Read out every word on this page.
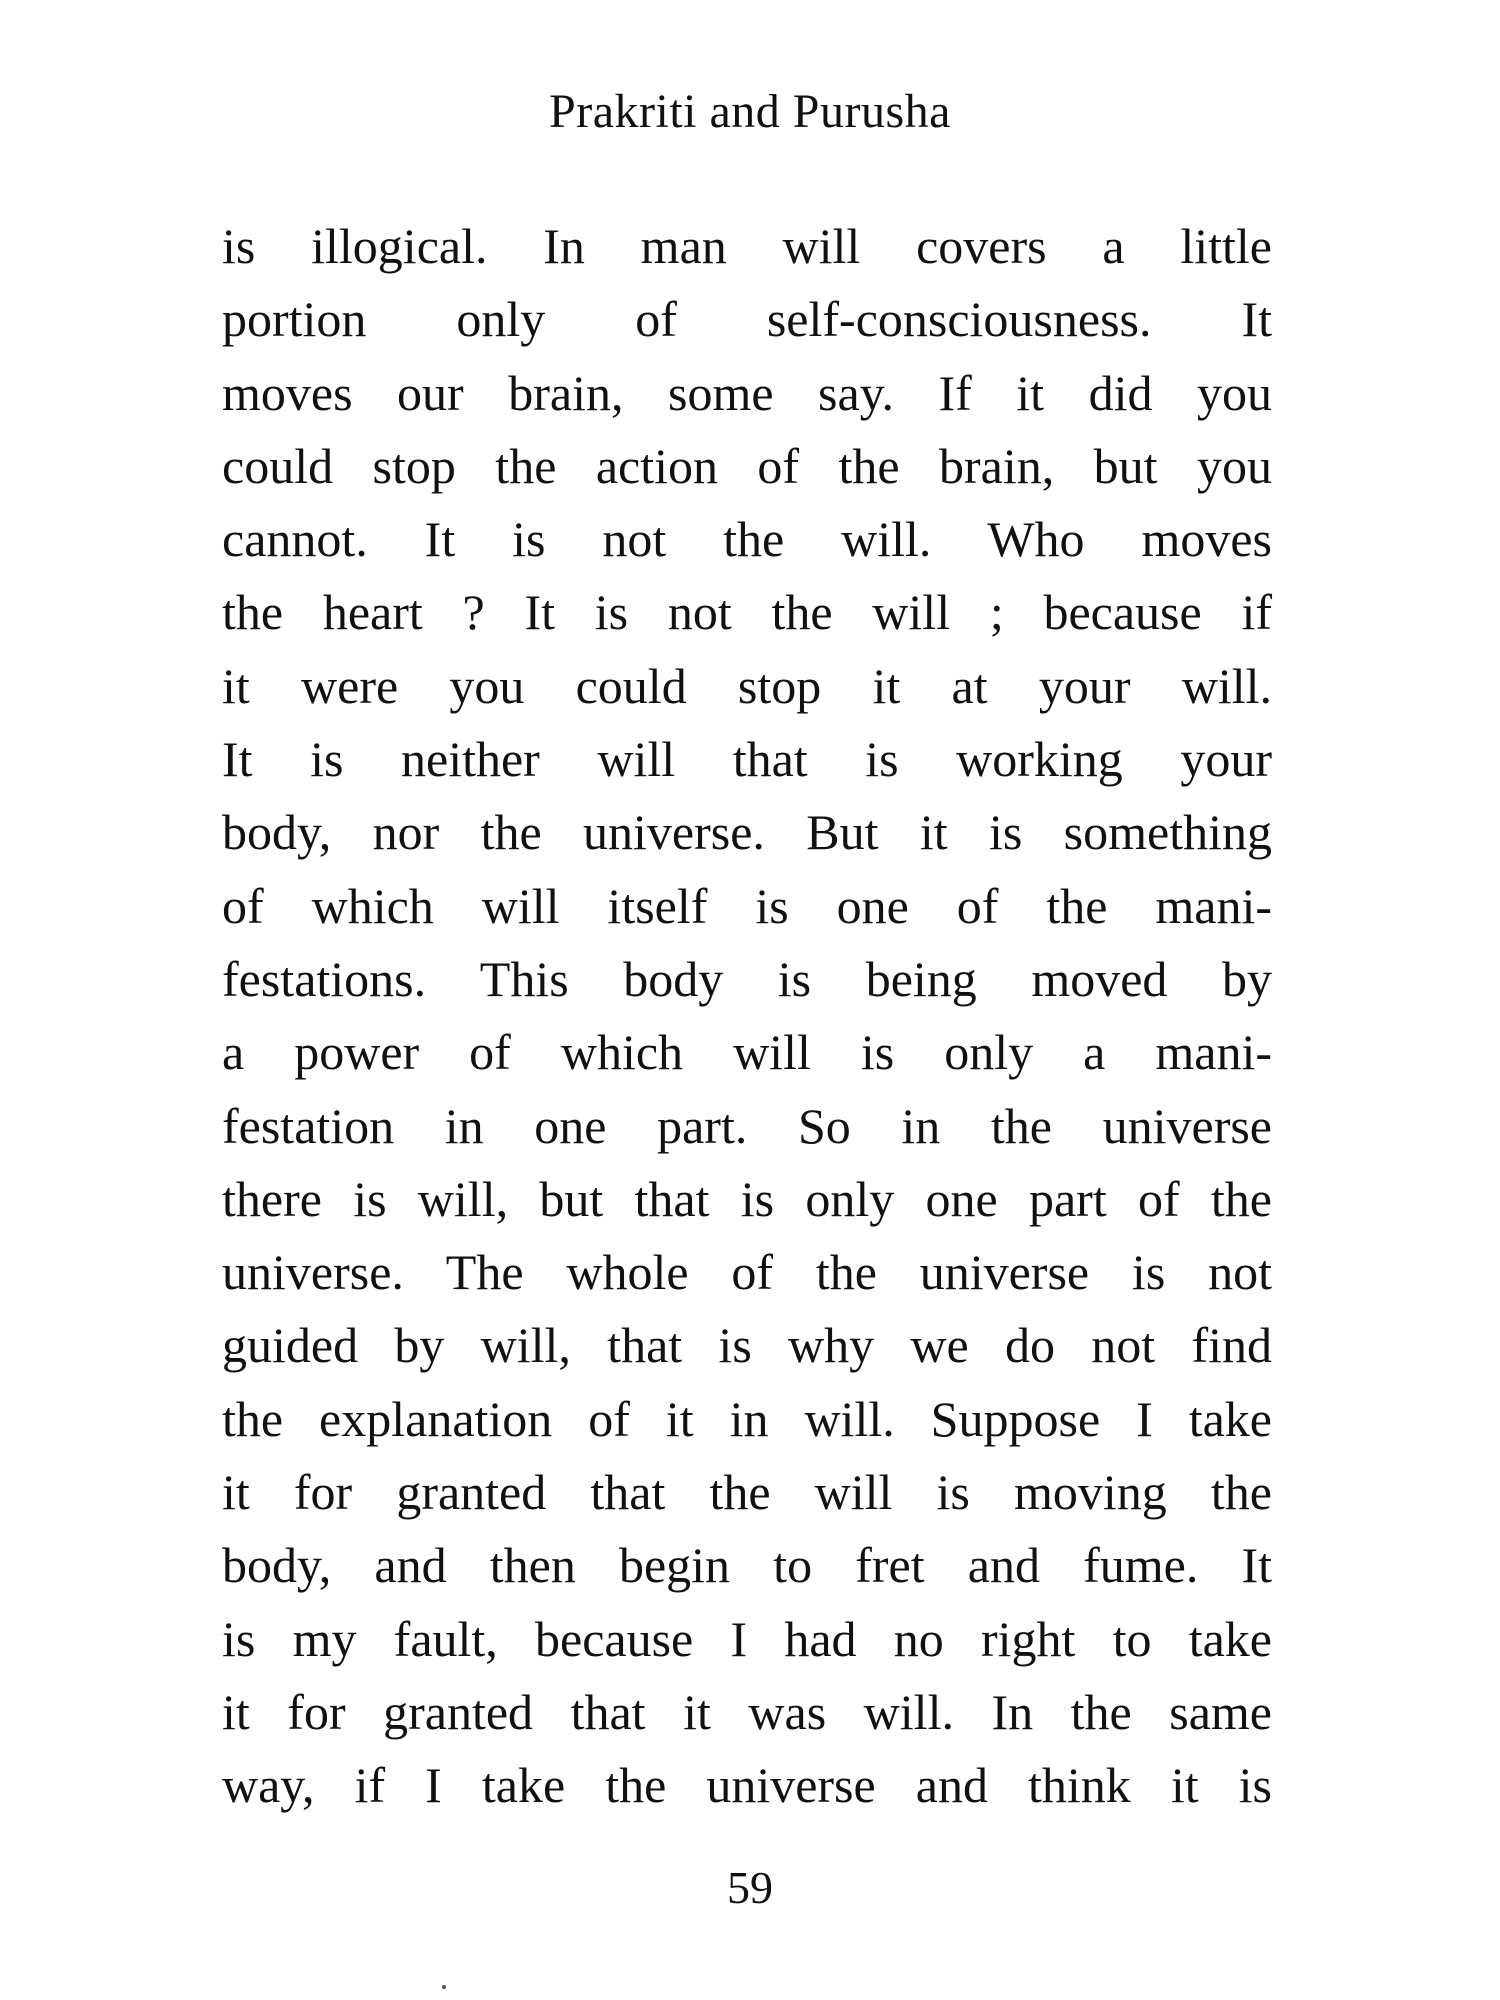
Prakriti and Purusha
is illogical. In man will covers a little
portion only of self-consciousness. It
moves our brain, some say. If it did you
could stop the action of the brain, but you
cannot. It is not the will. Who moves
the heart ? It is not the will ; because if
it were you could stop it at your will.
It is neither will that is working your
body, nor the universe. But it is something
of which will itself is one of the mani-
festations. This body is being moved by
a power of which will is only a mani-
festation in one part. So in the universe
there is will, but that is only one part of the
universe. The whole of the universe is not
guided by will, that is why we do not find
the explanation of it in will. Suppose I take
it for granted that the will is moving the
body, and then begin to fret and fume. It
is my fault, because I had no right to take
it for granted that it was will. In the same
way, if I take the universe and think it is
59
